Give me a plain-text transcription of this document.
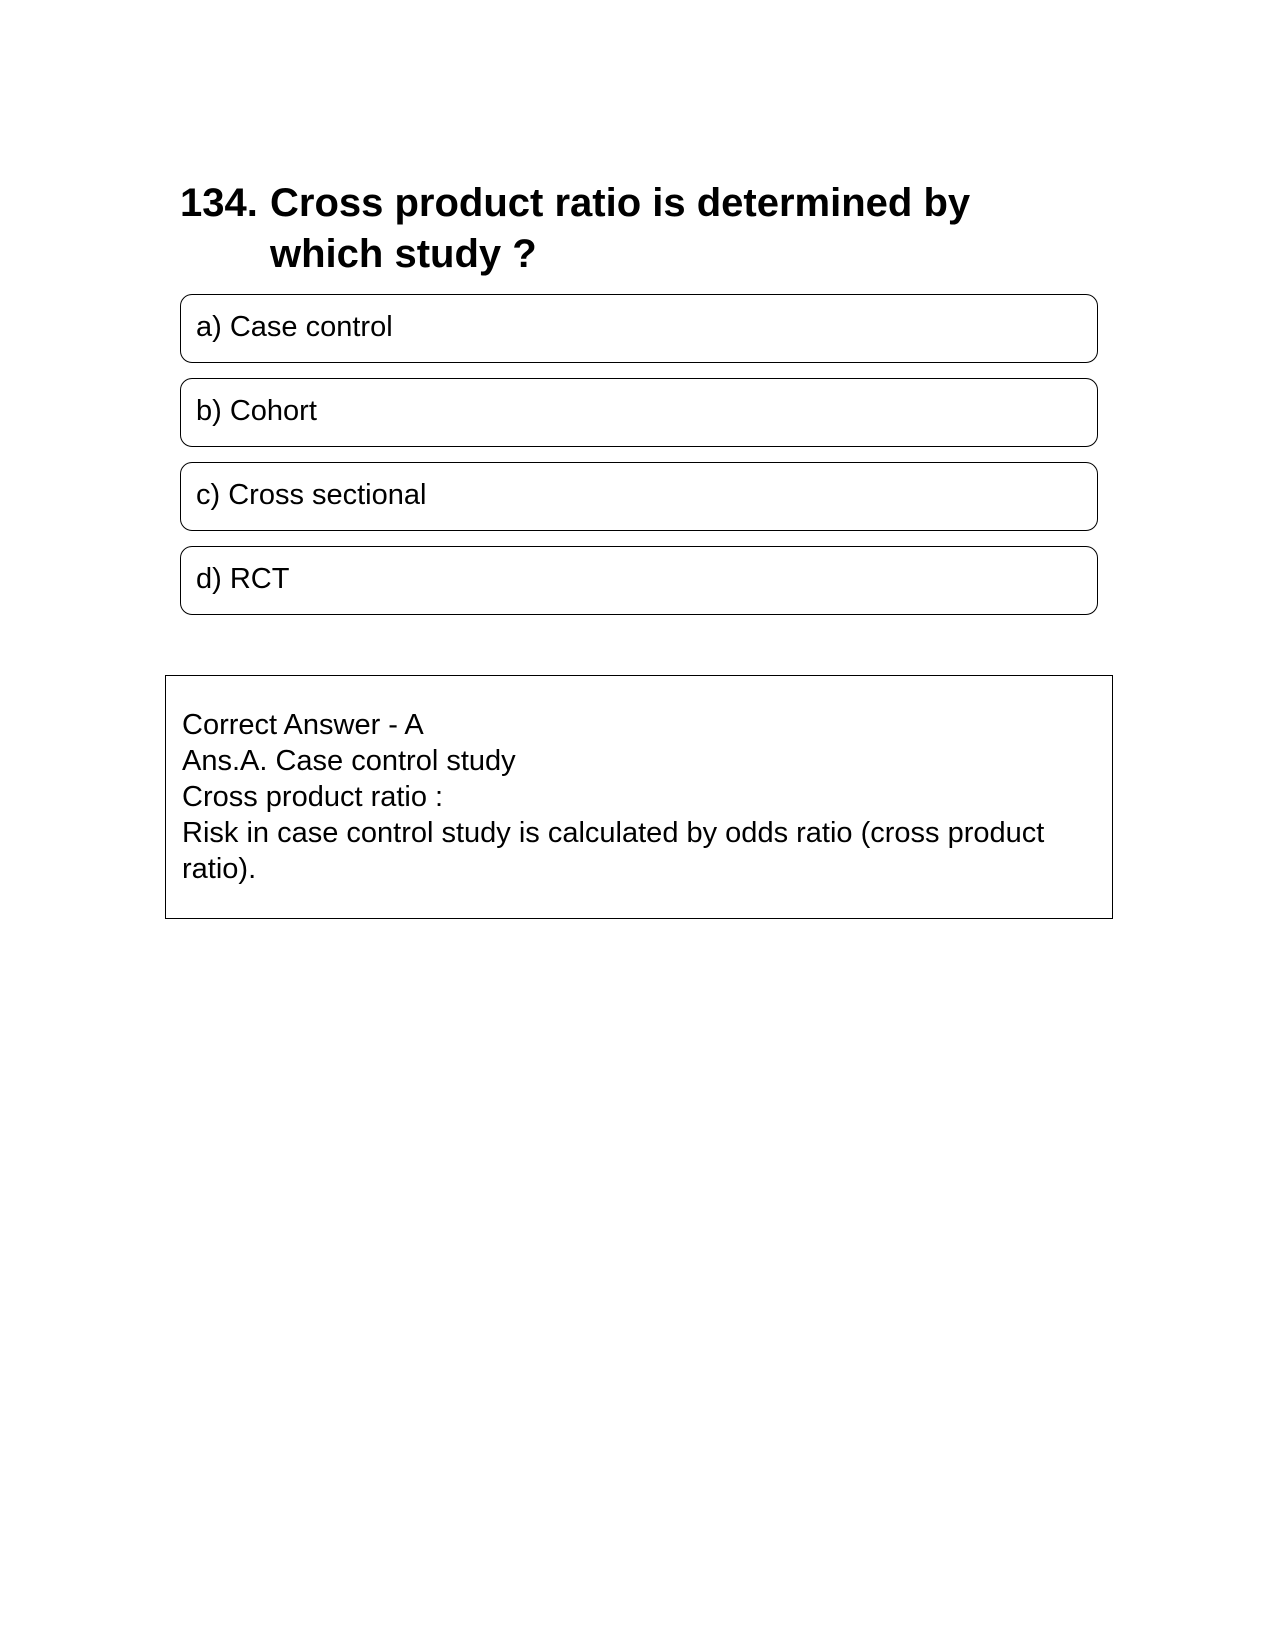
134. Cross product ratio is determined by which study ?
a) Case control
b) Cohort
c) Cross sectional
d) RCT
Correct Answer - A
Ans.A. Case control study
Cross product ratio :
Risk in case control study is calculated by odds ratio (cross product ratio).
